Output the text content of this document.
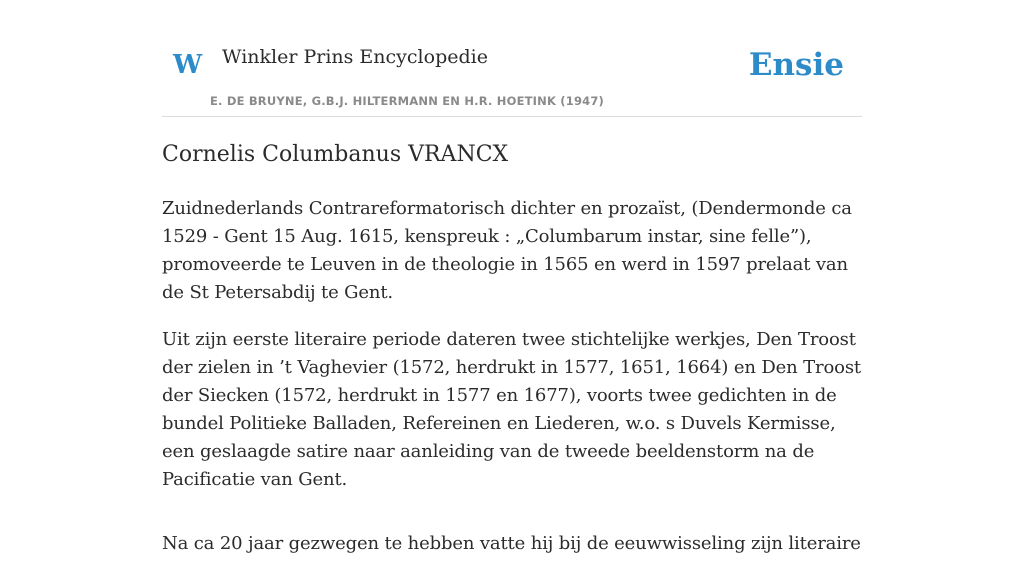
W Winkler Prins Encyclopedie
E. DE BRUYNE, G.B.J. HILTERMANN EN H.R. HOETINK (1947)
Ensie
Cornelis Columbanus VRANCX

Zuidnederlands Contrareformatorisch dichter en prozaïst, (Dendermonde ca 1529 - Gent 15 Aug. 1615, kenspreuk : „Columbarum instar, sine felle”), promoveerde te Leuven in de theologie in 1565 en werd in 1597 prelaat van de St Petersabdij te Gent.

Uit zijn eerste literaire periode dateren twee stichtelijke werkjes, Den Troost der zielen in ’t Vaghevier (1572, herdrukt in 1577, 1651, 1664) en Den Troost der Siecken (1572, herdrukt in 1577 en 1677), voorts twee gedichten in de bundel Politieke Balladen, Refereinen en Liederen, w.o. s Duvels Kermisse, een geslaagde satire naar aanleiding van de tweede beeldenstorm na de Pacificatie van Gent.

Na ca 20 jaar gezwegen te hebben vatte hij bij de eeuwwisseling zijn literaire
